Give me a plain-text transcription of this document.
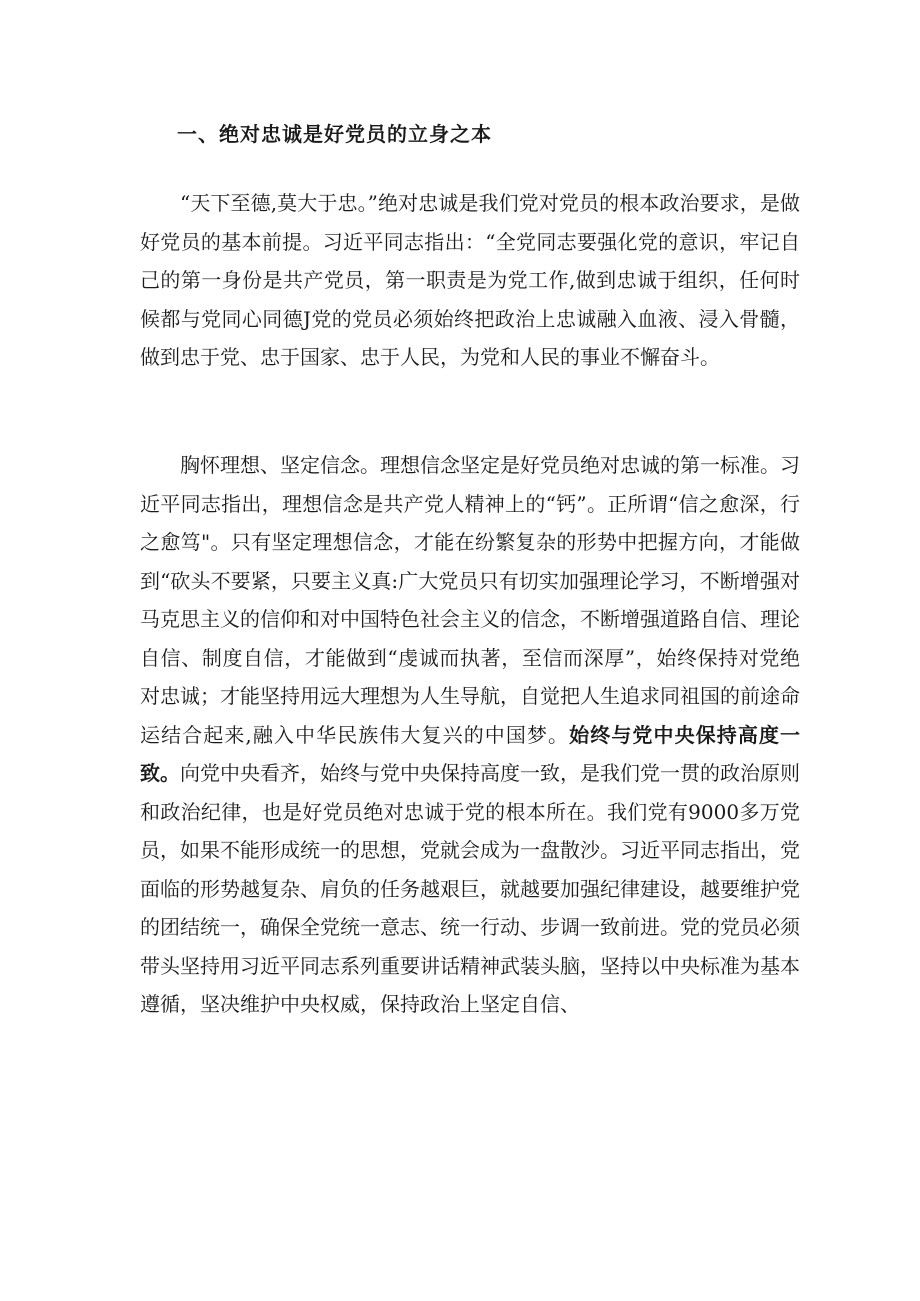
一、绝对忠诚是好党员的立身之本

“天下至德,莫大于忠。”绝对忠诚是我们党对党员的根本政治要求，是做好党员的基本前提。习近平同志指出：“全党同志要强化党的意识，牢记自己的第一身份是共产党员，第一职责是为党工作,做到忠诚于组织，任何时候都与党同心同德J党的党员必须始终把政治上忠诚融入血液、浸入骨髓，做到忠于党、忠于国家、忠于人民，为党和人民的事业不懈奋斗。

胸怀理想、坚定信念。理想信念坚定是好党员绝对忠诚的第一标准。习近平同志指出，理想信念是共产党人精神上的“钙”。正所谓“信之愈深，行之愈笃"。只有坚定理想信念，才能在纷繁复杂的形势中把握方向，才能做到“砍头不要紧，只要主义真:广大党员只有切实加强理论学习，不断增强对马克思主义的信仰和对中国特色社会主义的信念，不断增强道路自信、理论自信、制度自信，才能做到“虔诚而执著，至信而深厚”，始终保持对党绝对忠诚；才能坚持用远大理想为人生导航，自觉把人生追求同祖国的前途命运结合起来,融入中华民族伟大复兴的中国梦。始终与党中央保持高度一致。向党中央看齐，始终与党中央保持高度一致，是我们党一贯的政治原则和政治纪律，也是好党员绝对忠诚于党的根本所在。我们党有9000多万党员，如果不能形成统一的思想，党就会成为一盘散沙。习近平同志指出，党面临的形势越复杂、肩负的任务越艰巨，就越要加强纪律建设，越要维护党的团结统一，确保全党统一意志、统一行动、步调一致前进。党的党员必须带头坚持用习近平同志系列重要讲话精神武装头脑，坚持以中央标准为基本遵循，坚决维护中央权威，保持政治上坚定自信、
